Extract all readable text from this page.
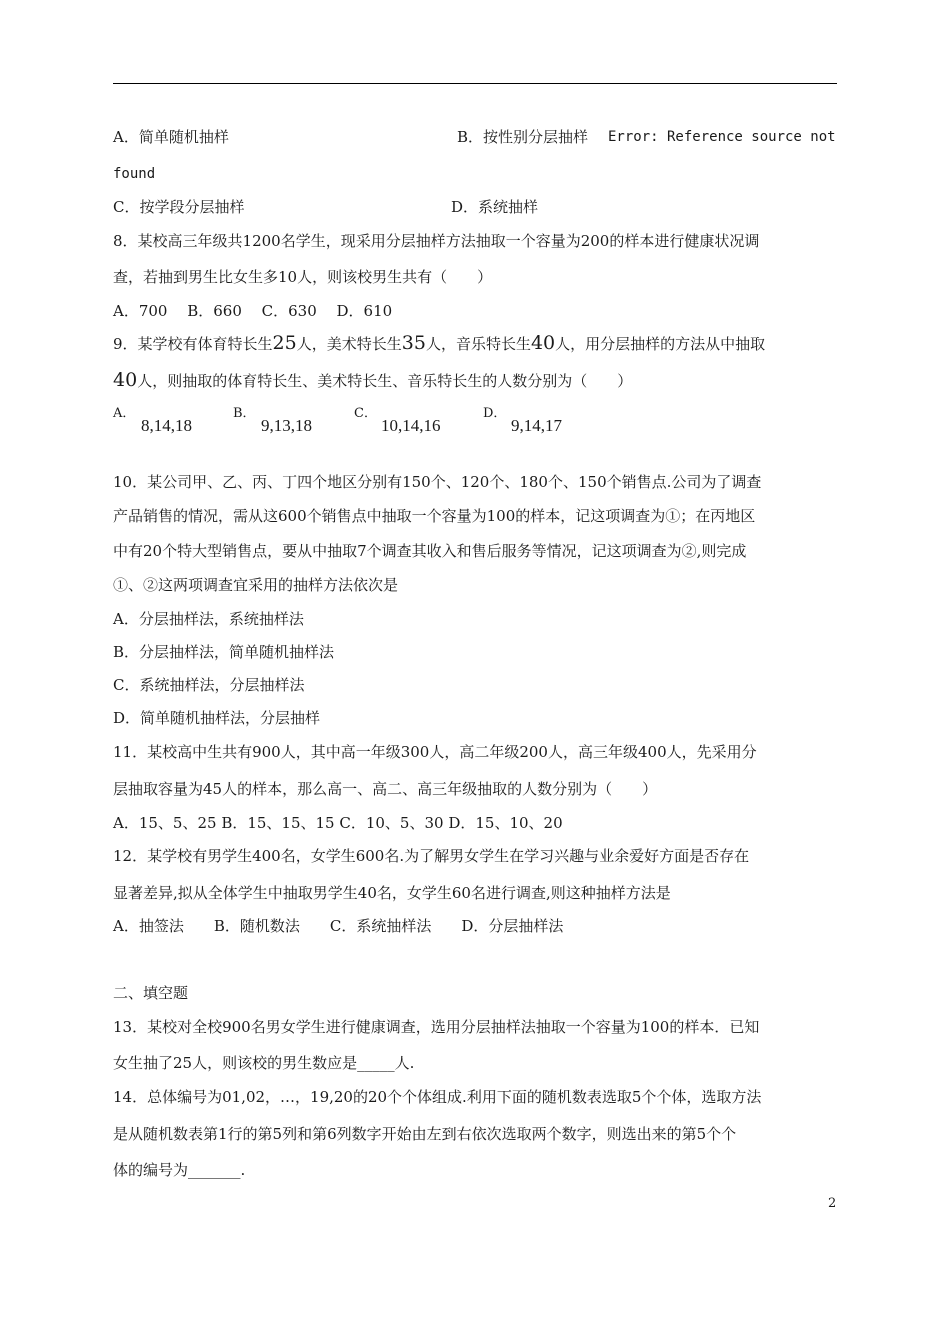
A．简单随机抽样	B．按性别分层抽样 Error: Reference source not
found
C．按学段分层抽样	D．系统抽样
8．某校高三年级共1200名学生，现采用分层抽样方法抽取一个容量为200的样本进行健康状况调
查，若抽到男生比女生多10人，则该校男生共有（　　）
A．700　 B．660　 C．630　 D．610
9．某学校有体育特长生25人，美术特长生35人，音乐特长生40人，用分层抽样的方法从中抽取
40人，则抽取的体育特长生、美术特长生、音乐特长生的人数分别为（　　）
A．
8,14,18
B．
9,13,18
C．
10,14,16
D．
9,14,17
10．某公司甲、乙、丙、丁四个地区分别有150个、120个、180个、150个销售点.公司为了调查
产品销售的情况，需从这600个销售点中抽取一个容量为100的样本，记这项调查为①；在丙地区
中有20个特大型销售点，要从中抽取7个调查其收入和售后服务等情况，记这项调查为②,则完成
①、②这两项调查宜采用的抽样方法依次是
A．分层抽样法，系统抽样法
B．分层抽样法，简单随机抽样法
C．系统抽样法，分层抽样法
D．简单随机抽样法，分层抽样
11．某校高中生共有900人，其中高一年级300人，高二年级200人，高三年级400人，先采用分
层抽取容量为45人的样本，那么高一、高二、高三年级抽取的人数分别为（　　）
A．15、5、25 B．15、15、15 C．10、5、30 D．15、10、20
12．某学校有男学生400名，女学生600名.为了解男女学生在学习兴趣与业余爱好方面是否存在
显著差异,拟从全体学生中抽取男学生40名，女学生60名进行调查,则这种抽样方法是
A．抽签法　　B．随机数法　　C．系统抽样法　　D．分层抽样法
二、填空题
13．某校对全校900名男女学生进行健康调查，选用分层抽样法抽取一个容量为100的样本．已知
女生抽了25人，则该校的男生数应是_____人.
14．总体编号为01,02，…，19,20的20个个体组成.利用下面的随机数表选取5个个体，选取方法
是从随机数表第1行的第5列和第6列数字开始由左到右依次选取两个数字，则选出来的第5个个
体的编号为_______.
2
